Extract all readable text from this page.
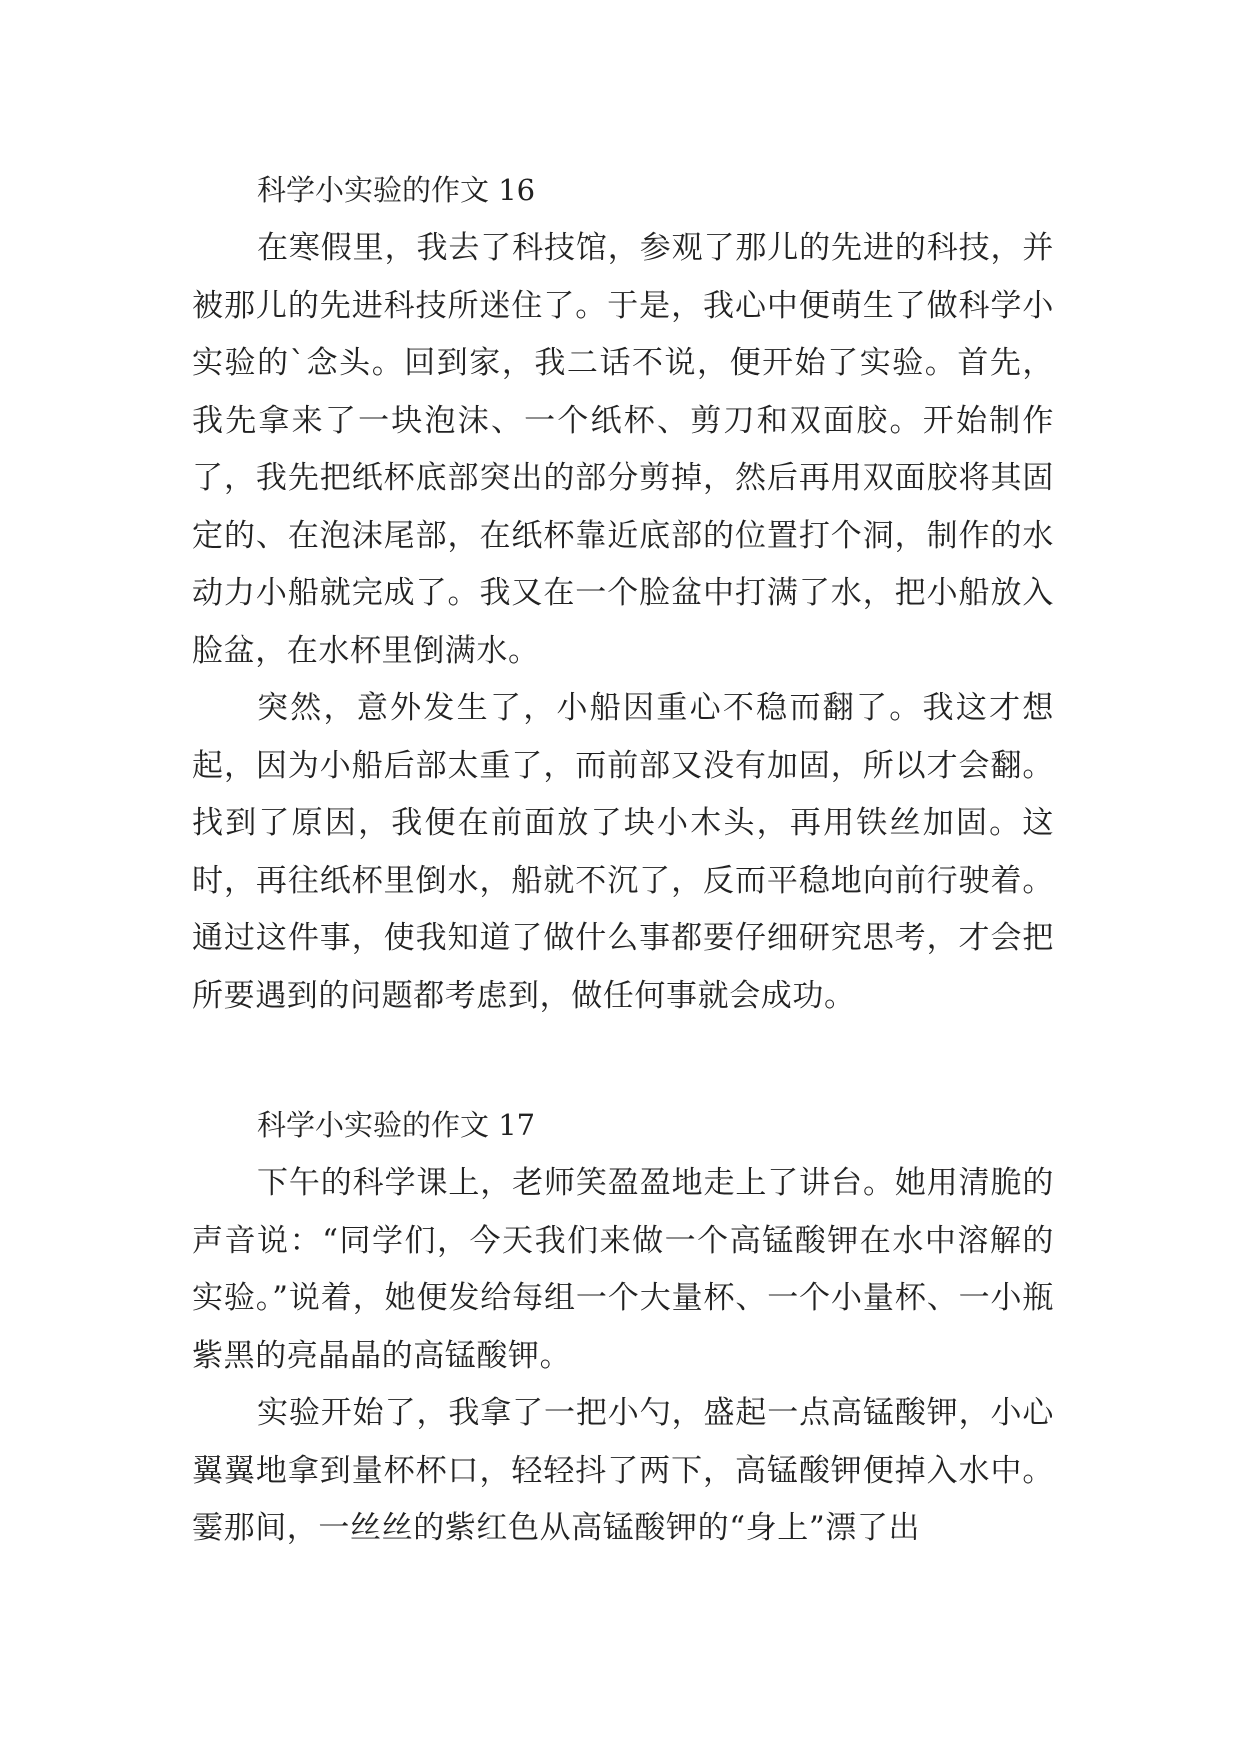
科学小实验的作文 16

在寒假里，我去了科技馆，参观了那儿的先进的科技，并被那儿的先进科技所迷住了。于是，我心中便萌生了做科学小实验的`念头。回到家，我二话不说，便开始了实验。首先，我先拿来了一块泡沫、一个纸杯、剪刀和双面胶。开始制作了，我先把纸杯底部突出的部分剪掉，然后再用双面胶将其固定的、在泡沫尾部，在纸杯靠近底部的位置打个洞，制作的水动力小船就完成了。我又在一个脸盆中打满了水，把小船放入脸盆，在水杯里倒满水。

突然，意外发生了，小船因重心不稳而翻了。我这才想起，因为小船后部太重了，而前部又没有加固，所以才会翻。找到了原因，我便在前面放了块小木头，再用铁丝加固。这时，再往纸杯里倒水，船就不沉了，反而平稳地向前行驶着。通过这件事，使我知道了做什么事都要仔细研究思考，才会把所要遇到的问题都考虑到，做任何事就会成功。

科学小实验的作文 17

下午的科学课上，老师笑盈盈地走上了讲台。她用清脆的声音说：“同学们，今天我们来做一个高锰酸钾在水中溶解的实验。”说着，她便发给每组一个大量杯、一个小量杯、一小瓶紫黑的亮晶晶的高锰酸钾。

实验开始了，我拿了一把小勺，盛起一点高锰酸钾，小心翼翼地拿到量杯杯口，轻轻抖了两下，高锰酸钾便掉入水中。霎那间，一丝丝的紫红色从高锰酸钾的“身上”漂了出
